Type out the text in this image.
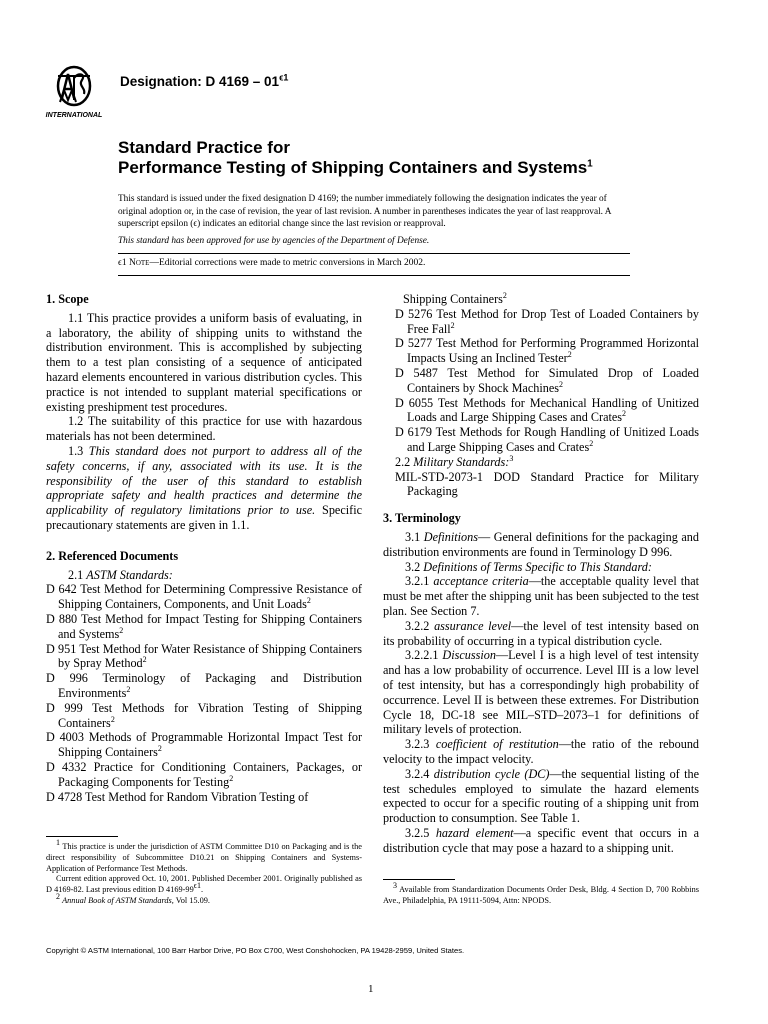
INTERNATIONAL
Designation: D $4169 - 01^{\epsilon 1}$
Standard Practice for
Performance Testing of Shipping Containers and Systems$^1$
This standard is issued under the fixed designation D 4169; the number immediately following the designation indicates the year of original adoption or, in the case of revision, the year of last revision. A number in parentheses indicates the year of last reapproval. A superscript epsilon (ϵ) indicates an editorial change since the last revision or reapproval.
This standard has been approved for use by agencies of the Department of Defense.
ϵ1 Note—Editorial corrections were made to metric conversions in March 2002.

1. Scope

1.1 This practice provides a uniform basis of evaluating, in a laboratory, the ability of shipping units to withstand the distribution environment. This is accomplished by subjecting them to a test plan consisting of a sequence of anticipated hazard elements encountered in various distribution cycles. This practice is not intended to supplant material specifications or existing preshipment test procedures.

1.2 The suitability of this practice for use with hazardous materials has not been determined.

1.3 This standard does not purport to address all of the safety concerns, if any, associated with its use. It is the responsibility of the user of this standard to establish appropriate safety and health practices and determine the applicability of regulatory limitations prior to use. Specific precautionary statements are given in 1.1.

2. Referenced Documents

2.1 ASTM Standards:

D 642 Test Method for Determining Compressive Resistance of Shipping Containers, Components, and Unit Loads$^2$
D 880 Test Method for Impact Testing for Shipping Containers and Systems$^2$
D 951 Test Method for Water Resistance of Shipping Containers by Spray Method$^2$
D 996 Terminology of Packaging and Distribution Environments$^2$
D 999 Test Methods for Vibration Testing of Shipping Containers$^2$
D 4003 Methods of Programmable Horizontal Impact Test for Shipping Containers$^2$
D 4332 Practice for Conditioning Containers, Packages, or Packaging Components for Testing$^2$
D 4728 Test Method for Random Vibration Testing of
$^1$ This practice is under the jurisdiction of ASTM Committee D10 on Packaging and is the direct responsibility of Subcommittee D10.21 on Shipping Containers and Systems-Application of Performance Test Methods.
Current edition approved Oct. 10, 2001. Published December 2001. Originally published as D 4169-82. Last previous edition D $4169-99^{\epsilon 1}$.
$^2$ Annual Book of ASTM Standards, Vol 15.09.
Shipping Containers$^2$
D 5276 Test Method for Drop Test of Loaded Containers by Free Fall$^2$
D 5277 Test Method for Performing Programmed Horizontal Impacts Using an Inclined Tester$^2$
D 5487 Test Method for Simulated Drop of Loaded Containers by Shock Machines$^2$
D 6055 Test Methods for Mechanical Handling of Unitized Loads and Large Shipping Cases and Crates$^2$
D 6179 Test Methods for Rough Handling of Unitized Loads and Large Shipping Cases and Crates$^2$

2.2 Military Standards:$^3$

MIL-STD-2073-1 DOD Standard Practice for Military Packaging

3. Terminology

3.1 Definitions— General definitions for the packaging and distribution environments are found in Terminology D 996.

3.2 Definitions of Terms Specific to This Standard:

3.2.1 acceptance criteria—the acceptable quality level that must be met after the shipping unit has been subjected to the test plan. See Section 7.

3.2.2 assurance level—the level of test intensity based on its probability of occurring in a typical distribution cycle.

3.2.2.1 Discussion—Level I is a high level of test intensity and has a low probability of occurrence. Level III is a low level of test intensity, but has a correspondingly high probability of occurrence. Level II is between these extremes. For Distribution Cycle 18, DC-18 see MIL–STD–2073–1 for definitions of military levels of protection.

3.2.3 coefficient of restitution—the ratio of the rebound velocity to the impact velocity.

3.2.4 distribution cycle (DC)—the sequential listing of the test schedules employed to simulate the hazard elements expected to occur for a specific routing of a shipping unit from production to consumption. See Table 1.

3.2.5 hazard element—a specific event that occurs in a distribution cycle that may pose a hazard to a shipping unit.

$^3$ Available from Standardization Documents Order Desk, Bldg. 4 Section D, 700 Robbins Ave., Philadelphia, PA 19111-5094, Attn: NPODS.
Copyright © ASTM International, 100 Barr Harbor Drive, PO Box C700, West Conshohocken, PA 19428-2959, United States.
1
